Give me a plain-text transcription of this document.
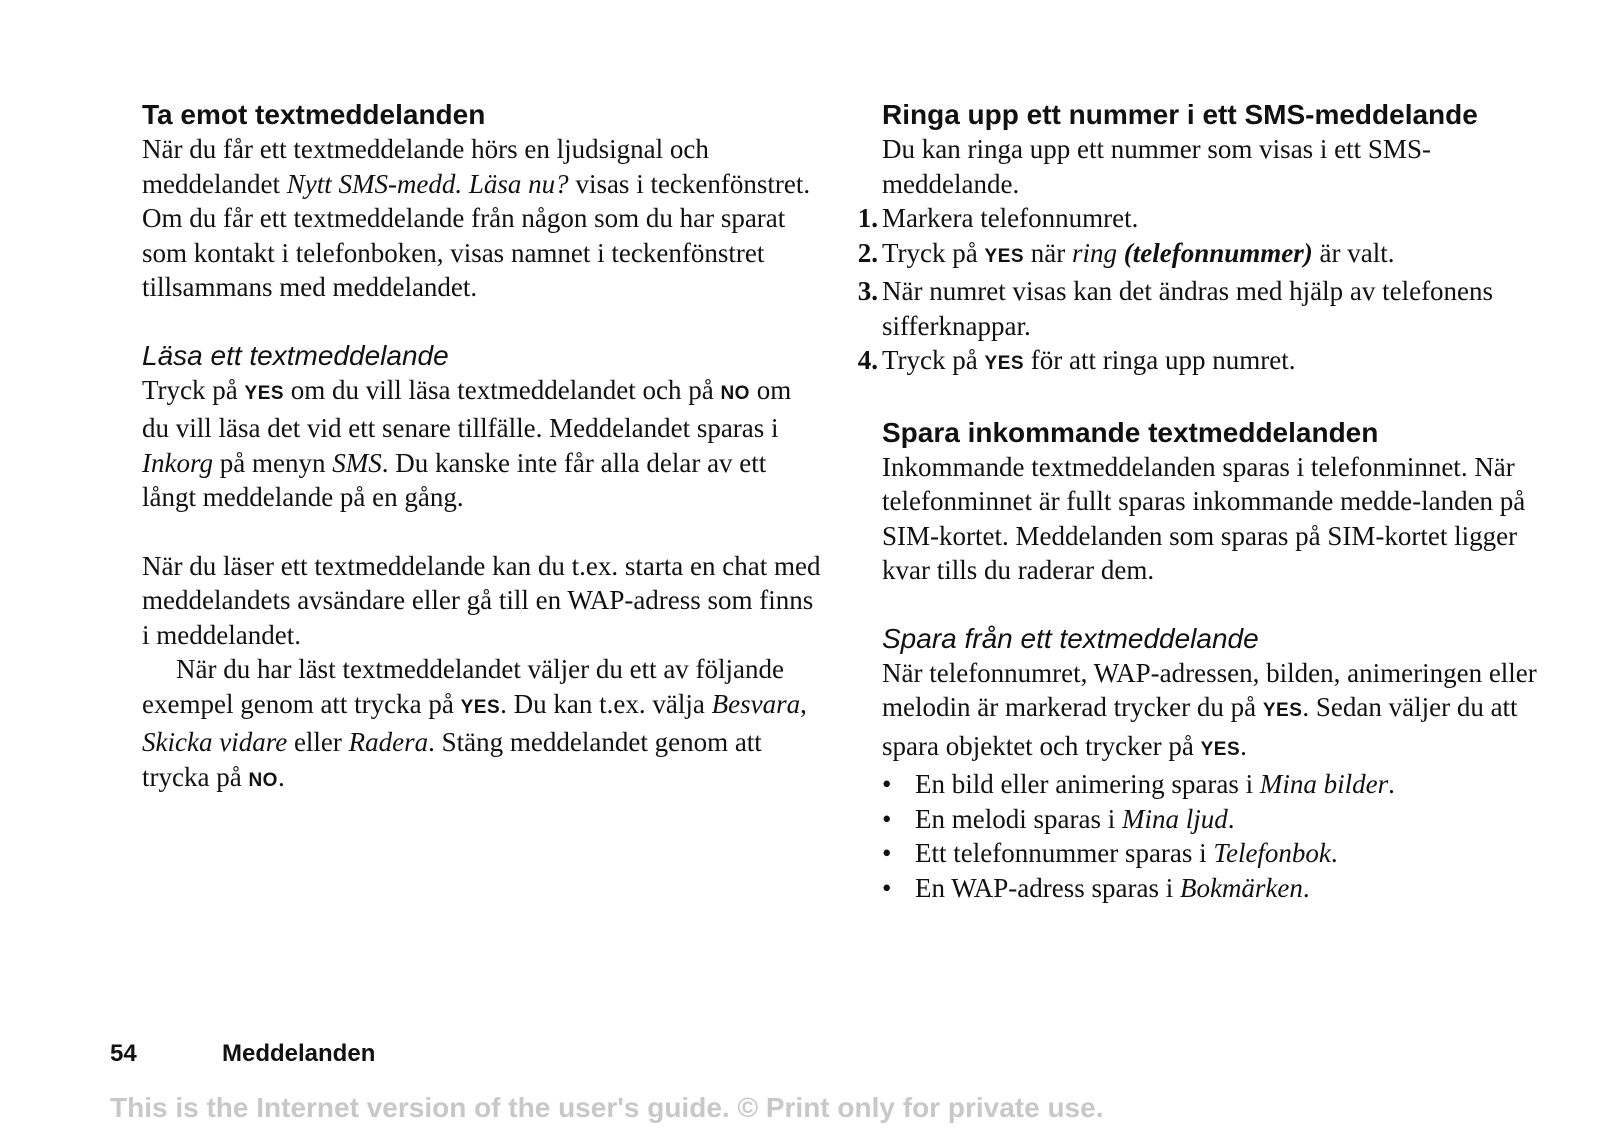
Ta emot textmeddelanden

När du får ett textmeddelande hörs en ljudsignal och meddelandet Nytt SMS-medd. Läsa nu? visas i teckenfönstret. Om du får ett textmeddelande från någon som du har sparat som kontakt i telefonboken, visas namnet i teckenfönstret tillsammans med meddelandet.

Läsa ett textmeddelande

Tryck på YES om du vill läsa textmeddelandet och på NO om du vill läsa det vid ett senare tillfälle. Meddelandet sparas i Inkorg på menyn SMS. Du kanske inte får alla delar av ett långt meddelande på en gång.

När du läser ett textmeddelande kan du t.ex. starta en chat med meddelandets avsändare eller gå till en WAP-adress som finns i meddelandet.

När du har läst textmeddelandet väljer du ett av följande exempel genom att trycka på YES. Du kan t.ex. välja Besvara, Skicka vidare eller Radera. Stäng meddelandet genom att trycka på NO.

Ringa upp ett nummer i ett SMS-meddelande

Du kan ringa upp ett nummer som visas i ett SMS-meddelande.

1. Markera telefonnumret.
2. Tryck på YES när ring (telefonnummer) är valt.
3. När numret visas kan det ändras med hjälp av telefonens sifferknappar.
4. Tryck på YES för att ringa upp numret.
Spara inkommande textmeddelanden

Inkommande textmeddelanden sparas i telefonminnet. När telefonminnet är fullt sparas inkommande medde-landen på SIM-kortet. Meddelanden som sparas på SIM-kortet ligger kvar tills du raderar dem.

Spara från ett textmeddelande

När telefonnumret, WAP-adressen, bilden, animeringen eller melodin är markerad trycker du på YES. Sedan väljer du att spara objektet och trycker på YES.

• En bild eller animering sparas i Mina bilder.
• En melodi sparas i Mina ljud.
• Ett telefonnummer sparas i Telefonbok.
• En WAP-adress sparas i Bokmärken.
54	Meddelanden
This is the Internet version of the user's guide. © Print only for private use.
